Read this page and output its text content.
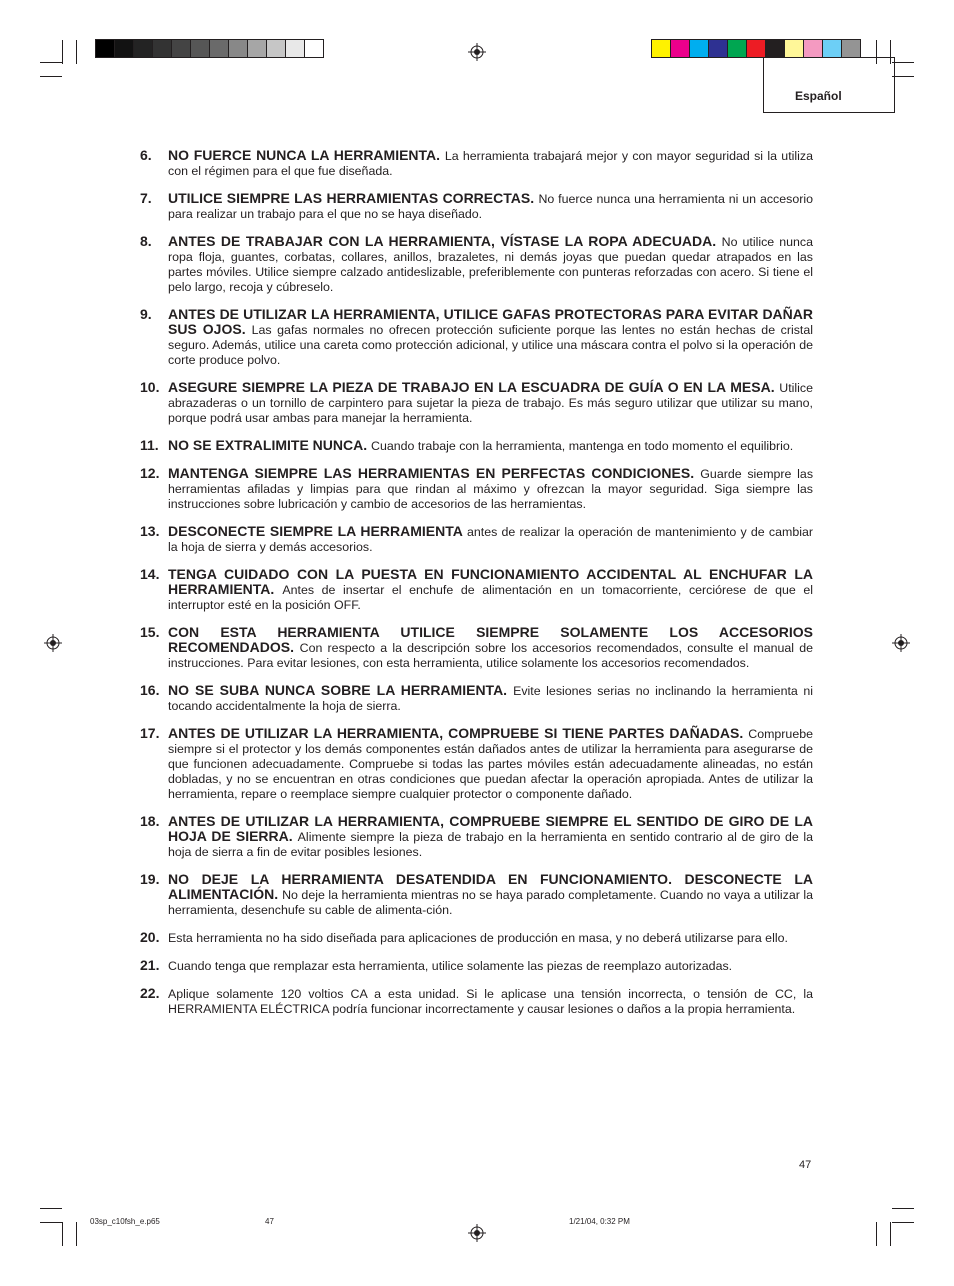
Español
6. NO FUERCE NUNCA LA HERRAMIENTA. La herramienta trabajará mejor y con mayor seguridad si la utiliza con el régimen para el que fue diseñada.
7. UTILICE SIEMPRE LAS HERRAMIENTAS CORRECTAS. No fuerce nunca una herramienta ni un accesorio para realizar un trabajo para el que no se haya diseñado.
8. ANTES DE TRABAJAR CON LA HERRAMIENTA, VÍSTASE LA ROPA ADECUADA. No utilice nunca ropa floja, guantes, corbatas, collares, anillos, brazaletes, ni demás joyas que puedan quedar atrapados en las partes móviles. Utilice siempre calzado antideslizable, preferiblemente con punteras reforzadas con acero. Si tiene el pelo largo, recoja y cúbreselo.
9. ANTES DE UTILIZAR LA HERRAMIENTA, UTILICE GAFAS PROTECTORAS PARA EVITAR DAÑAR SUS OJOS. Las gafas normales no ofrecen protección suficiente porque las lentes no están hechas de cristal seguro. Además, utilice una careta como protección adicional, y utilice una máscara contra el polvo si la operación de corte produce polvo.
10. ASEGURE SIEMPRE LA PIEZA DE TRABAJO EN LA ESCUADRA DE GUÍA O EN LA MESA. Utilice abrazaderas o un tornillo de carpintero para sujetar la pieza de trabajo. Es más seguro utilizar que utilizar su mano, porque podrá usar ambas para manejar la herramienta.
11. NO SE EXTRALIMITE NUNCA. Cuando trabaje con la herramienta, mantenga en todo momento el equilibrio.
12. MANTENGA SIEMPRE LAS HERRAMIENTAS EN PERFECTAS CONDICIONES. Guarde siempre las herramientas afiladas y limpias para que rindan al máximo y ofrezcan la mayor seguridad. Siga siempre las instrucciones sobre lubricación y cambio de accesorios de las herramientas.
13. DESCONECTE SIEMPRE LA HERRAMIENTA antes de realizar la operación de mantenimiento y de cambiar la hoja de sierra y demás accesorios.
14. TENGA CUIDADO CON LA PUESTA EN FUNCIONAMIENTO ACCIDENTAL AL ENCHUFAR LA HERRAMIENTA. Antes de insertar el enchufe de alimentación en un tomacorriente, cerciórese de que el interruptor esté en la posición OFF.
15. CON ESTA HERRAMIENTA UTILICE SIEMPRE SOLAMENTE LOS ACCESORIOS RECOMENDADOS. Con respecto a la descripción sobre los accesorios recomendados, consulte el manual de instrucciones. Para evitar lesiones, con esta herramienta, utilice solamente los accesorios recomendados.
16. NO SE SUBA NUNCA SOBRE LA HERRAMIENTA. Evite lesiones serias no inclinando la herramienta ni tocando accidentalmente la hoja de sierra.
17. ANTES DE UTILIZAR LA HERRAMIENTA, COMPRUEBE SI TIENE PARTES DAÑADAS. Compruebe siempre si el protector y los demás componentes están dañados antes de utilizar la herramienta para asegurarse de que funcionen adecuadamente. Compruebe si todas las partes móviles están adecuadamente alineadas, no están dobladas, y no se encuentran en otras condiciones que puedan afectar la operación apropiada. Antes de utilizar la herramienta, repare o reemplace siempre cualquier protector o componente dañado.
18. ANTES DE UTILIZAR LA HERRAMIENTA, COMPRUEBE SIEMPRE EL SENTIDO DE GIRO DE LA HOJA DE SIERRA. Alimente siempre la pieza de trabajo en la herramienta en sentido contrario al de giro de la hoja de sierra a fin de evitar posibles lesiones.
19. NO DEJE LA HERRAMIENTA DESATENDIDA EN FUNCIONAMIENTO. DESCONECTE LA ALIMENTACIÓN. No deje la herramienta mientras no se haya parado completamente. Cuando no vaya a utilizar la herramienta, desenchufe su cable de alimenta-ción.
20. Esta herramienta no ha sido diseñada para aplicaciones de producción en masa, y no deberá utilizarse para ello.
21. Cuando tenga que remplazar esta herramienta, utilice solamente las piezas de reemplazo autorizadas.
22. Aplique solamente 120 voltios CA a esta unidad. Si le aplicase una tensión incorrecta, o tensión de CC, la HERRAMIENTA ELÉCTRICA podría funcionar incorrectamente y causar lesiones o daños a la propia herramienta.
47
03sp_c10fsh_e.p65	47	1/21/04, 0:32 PM
